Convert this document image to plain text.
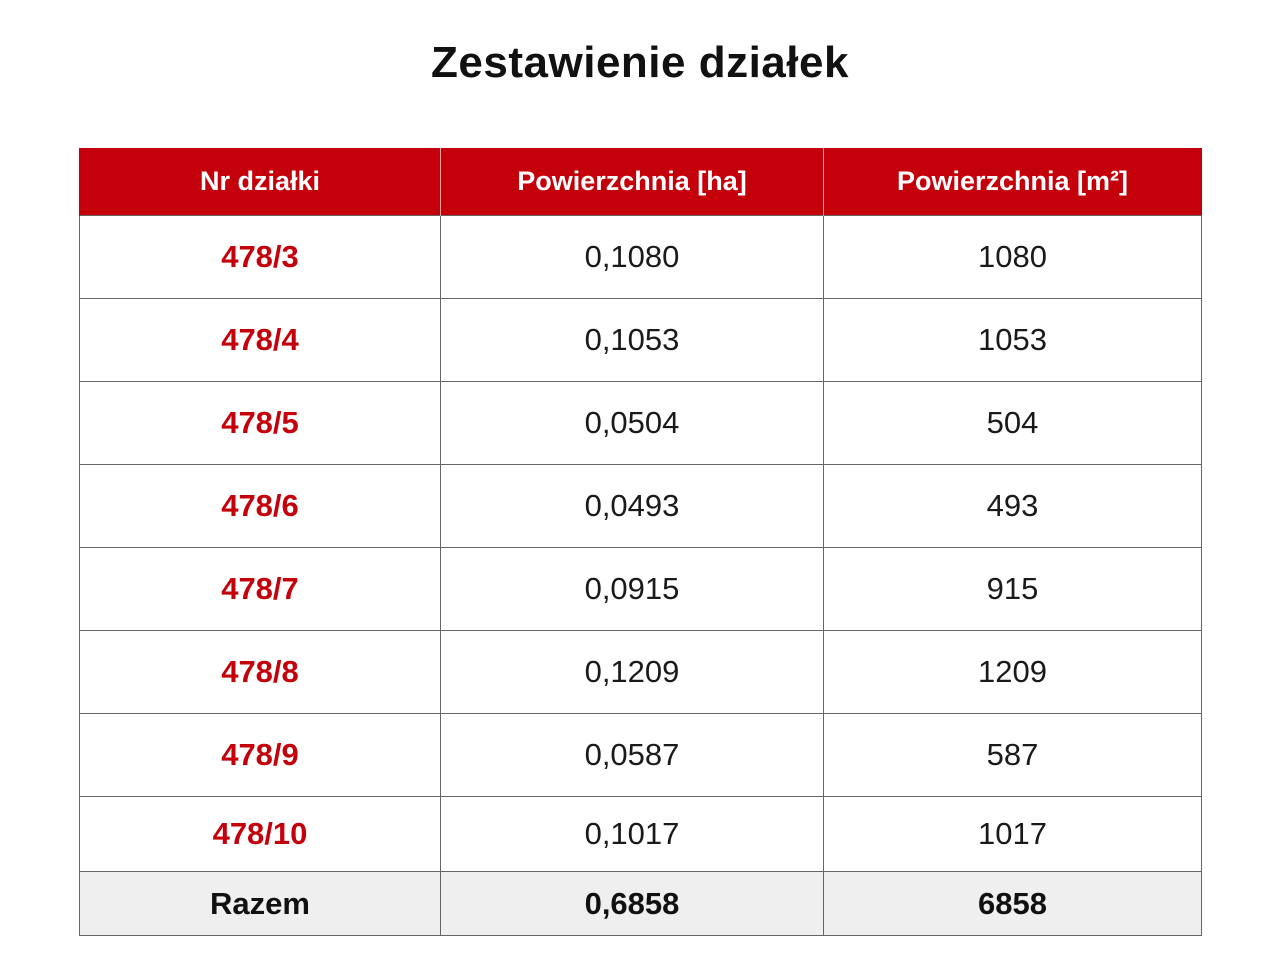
Zestawienie działek
Nr działki	Powierzchnia [ha]	Powierzchnia [m²]
478/3	0,1080	1080
478/4	0,1053	1053
478/5	0,0504	504
478/6	0,0493	493
478/7	0,0915	915
478/8	0,1209	1209
478/9	0,0587	587
478/10	0,1017	1017
Razem	0,6858	6858
